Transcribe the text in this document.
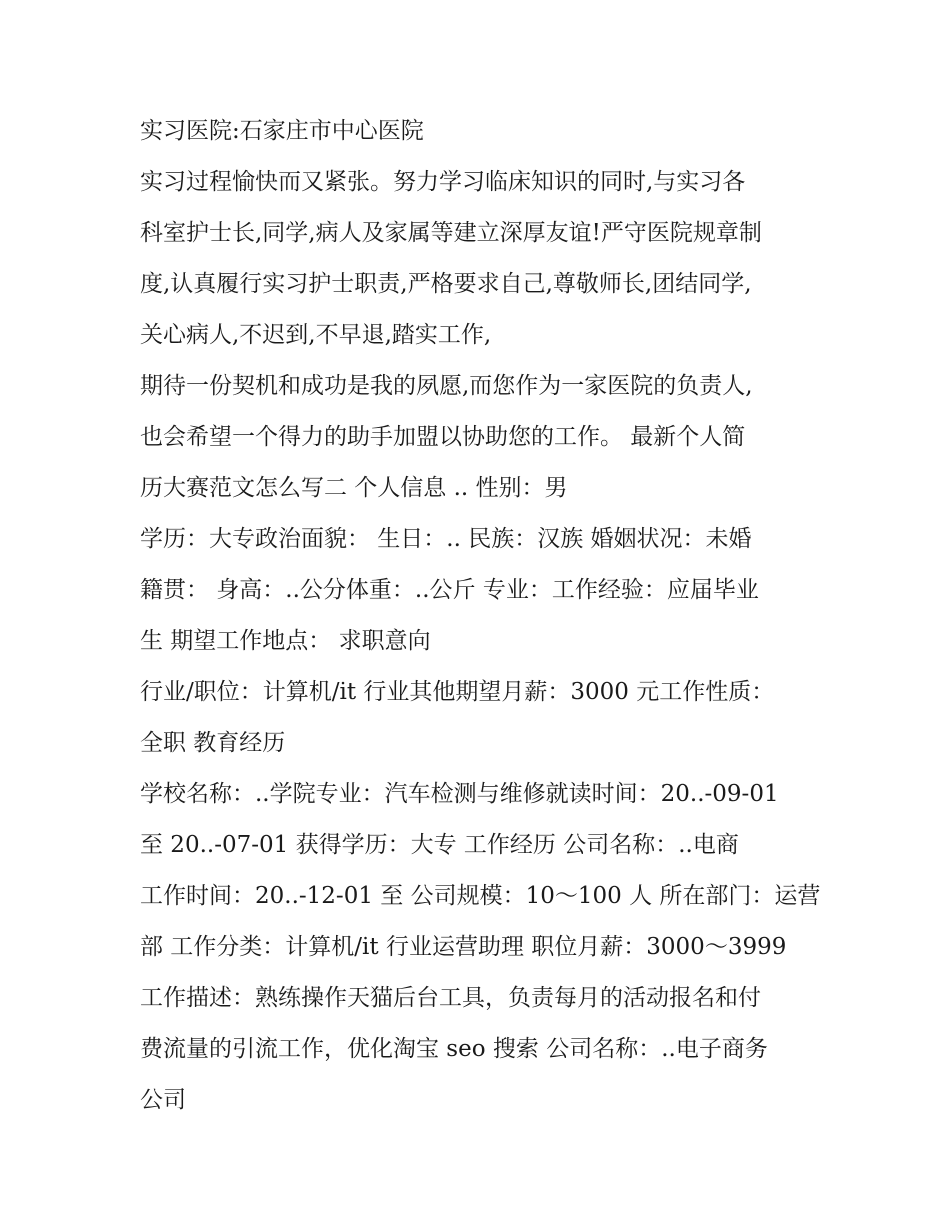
实习医院:石家庄市中心医院
实习过程愉快而又紧张。努力学习临床知识的同时,与实习各
科室护士长,同学,病人及家属等建立深厚友谊!严守医院规章制
度,认真履行实习护士职责,严格要求自己,尊敬师长,团结同学,
关心病人,不迟到,不早退,踏实工作,
期待一份契机和成功是我的夙愿,而您作为一家医院的负责人,
也会希望一个得力的助手加盟以协助您的工作。 最新个人简
历大赛范文怎么写二 个人信息 .. 性别：男
学历：大专政治面貌： 生日：.. 民族：汉族 婚姻状况：未婚
籍贯： 身高：..公分体重：..公斤 专业：工作经验：应届毕业
生 期望工作地点： 求职意向
行业/职位：计算机/it 行业其他期望月薪：3000 元工作性质：
全职 教育经历
学校名称：..学院专业：汽车检测与维修就读时间：20..-09-01
至 20..-07-01 获得学历：大专 工作经历 公司名称：..电商
工作时间：20..-12-01 至 公司规模：10～100 人 所在部门：运营
部 工作分类：计算机/it 行业运营助理 职位月薪：3000～3999
工作描述：熟练操作天猫后台工具，负责每月的活动报名和付
费流量的引流工作，优化淘宝 seo 搜索 公司名称：..电子商务
公司
